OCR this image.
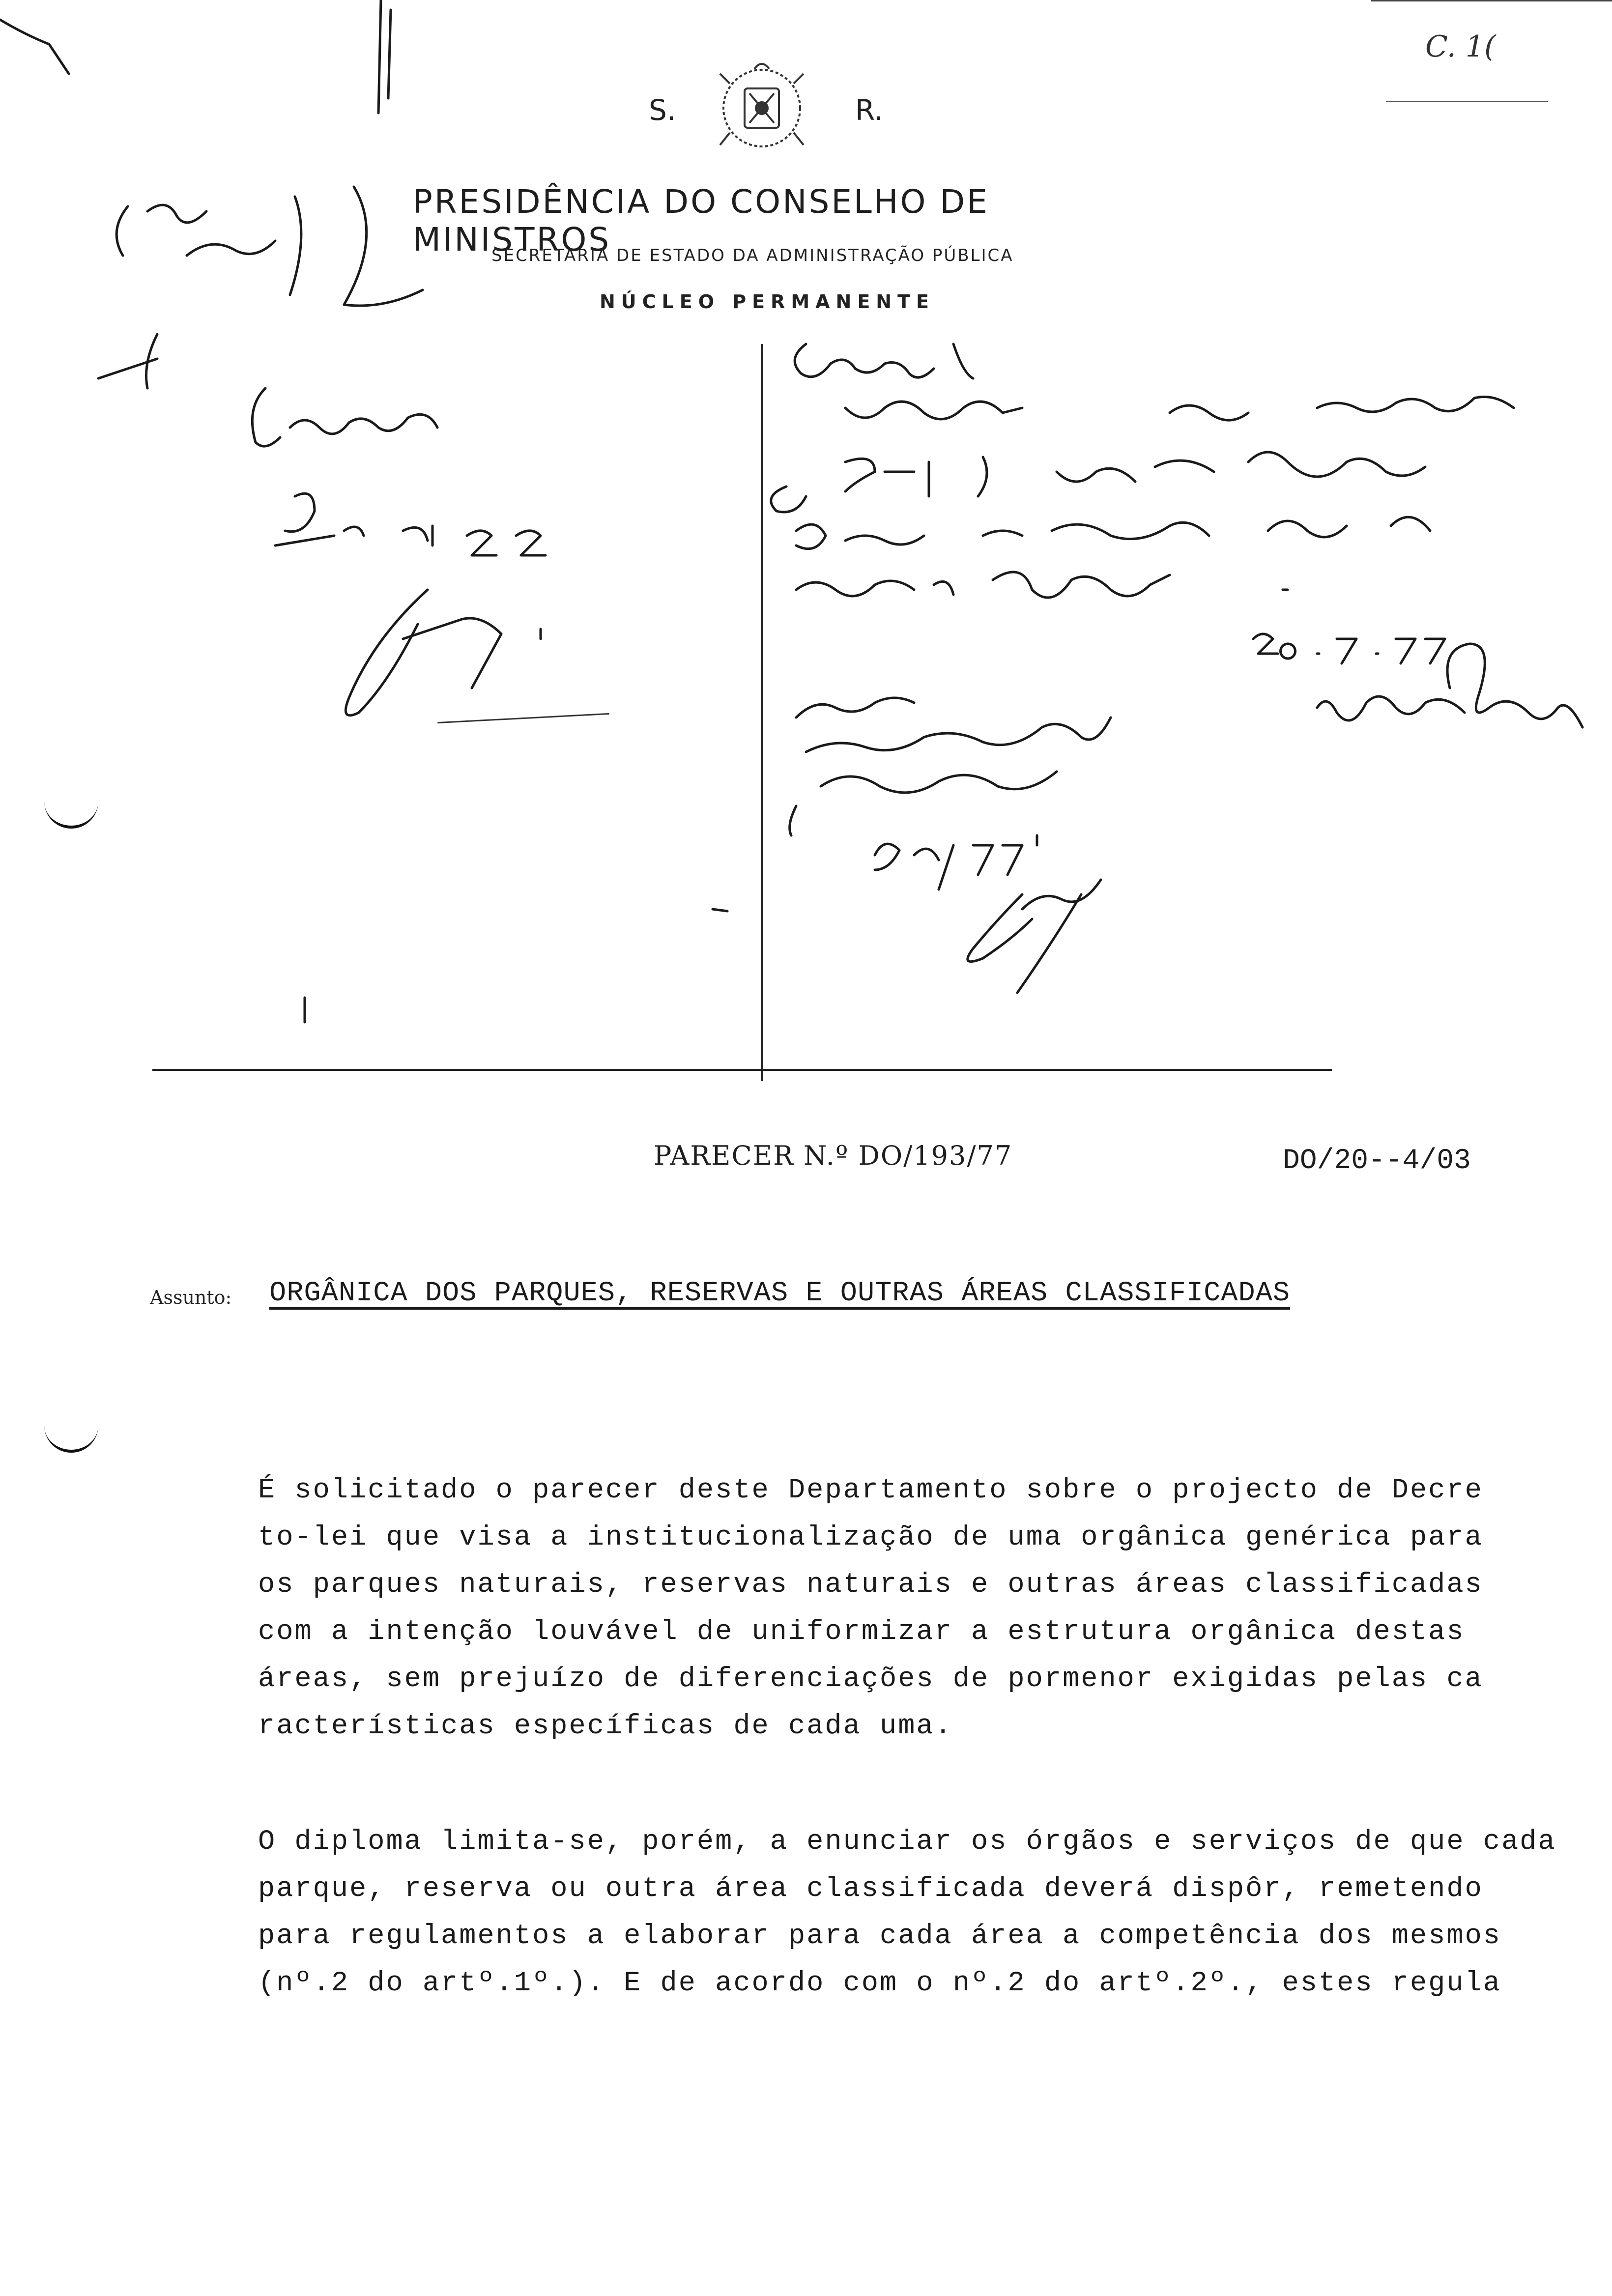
C. 1(
S.	R.
PRESIDÊNCIA DO CONSELHO DE MINISTROS
SECRETARIA DE ESTADO DA ADMINISTRAÇÃO PÚBLICA
NÚCLEO PERMANENTE
PARECER N.º DO/193/77	DO/20--4/03
Assunto: ORGÂNICA DOS PARQUES, RESERVAS E OUTRAS ÁREAS CLASSIFICADAS

É solicitado o parecer deste Departamento sobre o projecto de Decre

to-lei que visa a institucionalização de uma orgânica genérica para

os parques naturais, reservas naturais e outras áreas classificadas

com a intenção louvável de uniformizar a estrutura orgânica destas

áreas, sem prejuízo de diferenciações de pormenor exigidas pelas ca

racterísticas específicas de cada uma.

O diploma limita-se, porém, a enunciar os órgãos e serviços de que cada

parque, reserva ou outra área classificada deverá dispôr, remetendo

para regulamentos a elaborar para cada área a competência dos mesmos

(nº.2 do artº.1º.). E de acordo com o nº.2 do artº.2º., estes regula
